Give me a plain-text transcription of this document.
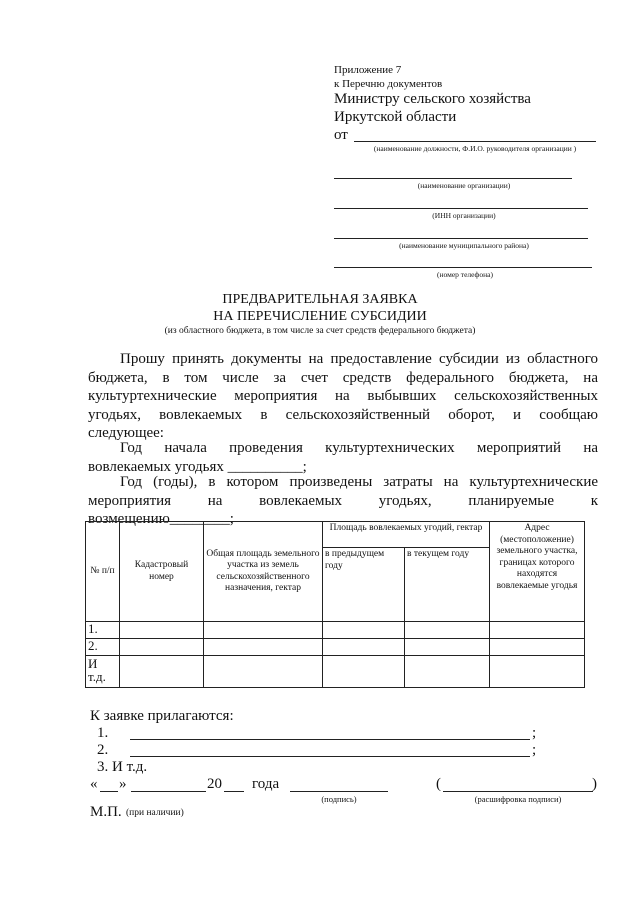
Приложение 7
к Перечню документов
Министру сельского хозяйства
Иркутской области
от
(наименование должности, Ф.И.О. руководителя организации )
(наименование организации)
(ИНН организации)
(наименование муниципального района)
(номер телефона)
ПРЕДВАРИТЕЛЬНАЯ ЗАЯВКА
НА ПЕРЕЧИСЛЕНИЕ СУБСИДИИ
(из областного бюджета, в том числе за счет средств федерального бюджета)
Прошу принять документы на предоставление субсидии из областного
бюджета, в том числе за счет средств федерального бюджета, на
культуртехнические мероприятия на выбывших сельскохозяйственных
угодьях, вовлекаемых в сельскохозяйственный оборот, и сообщаю
следующее:
Год начала проведения культуртехнических мероприятий на
вовлекаемых угодьях __________;
Год (годы), в котором произведены затраты на культуртехнические
мероприятия на вовлекаемых угодьях, планируемые к
возмещению________;
№ п/п	Кадастровый номер	Общая площадь земельного участка из земель сельскохозяйственного назначения, гектар	Площадь вовлекаемых угодий, гектар		Адрес (местоположение) земельного участка, границах которого находятся вовлекаемые угодья
			в предыдущем году	в текущем году	
1.					
2.					
И т.д.					
К заявке прилагаются:
1.	;
2.	;
3. И т.д.
« »	20 года
(подпись)
(	)
(расшифровка подписи)
М.П. (при наличии)
